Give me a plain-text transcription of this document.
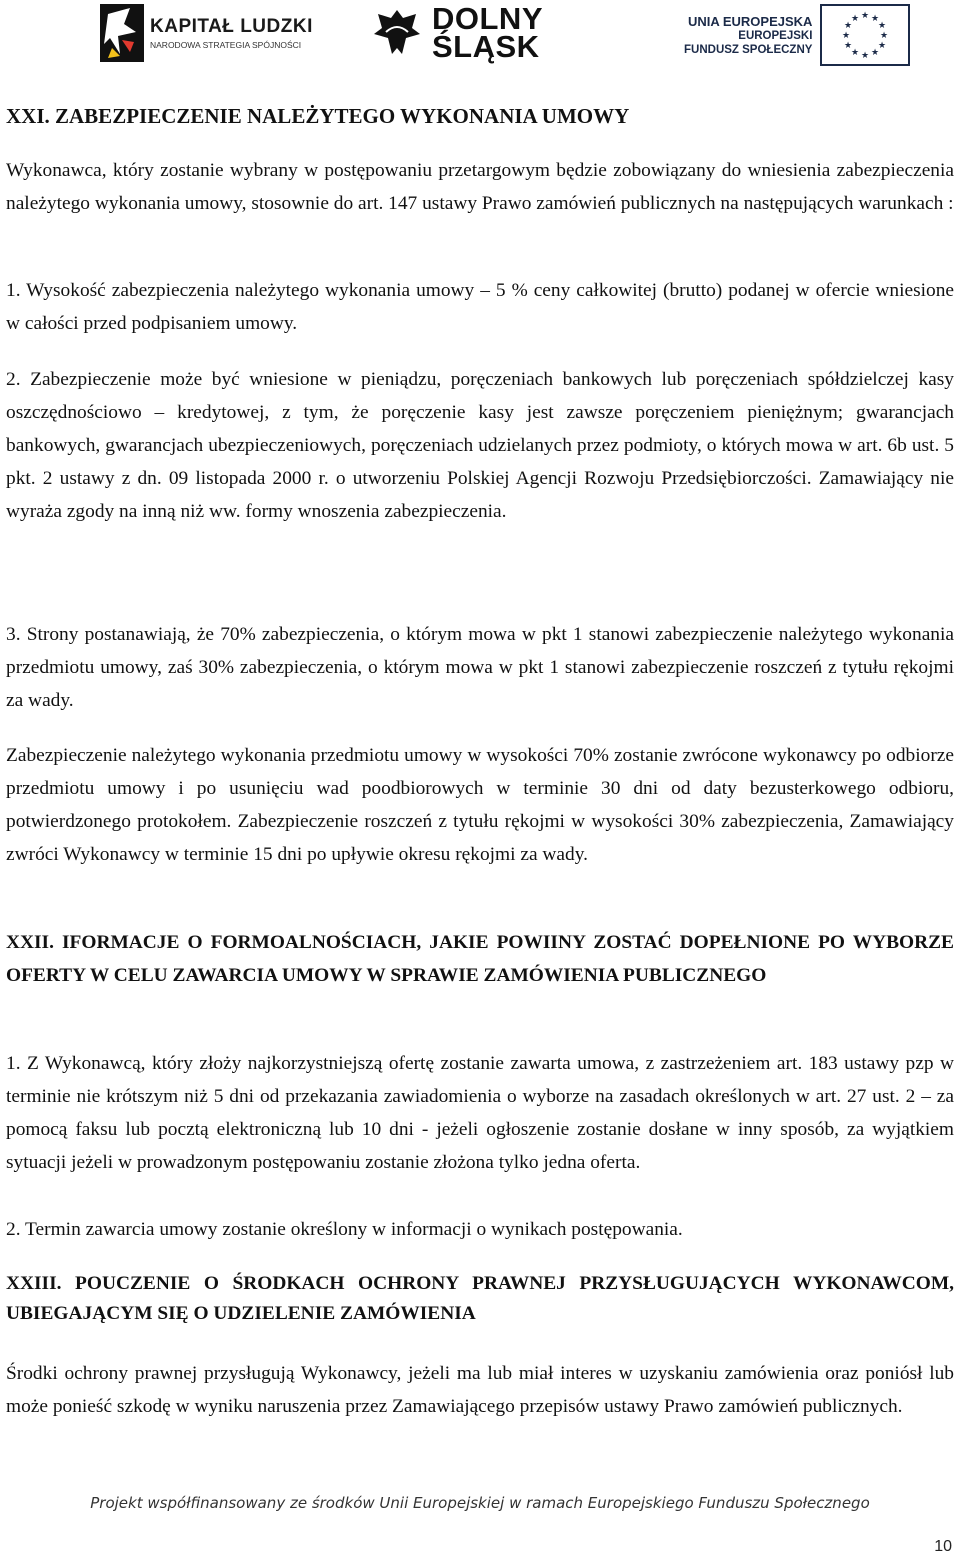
KAPITAŁ LUDZKI
NARODOWA STRATEGIA SPÓJNOŚCI
DOLNY
ŚLĄSK
UNIA EUROPEJSKA
EUROPEJSKI
FUNDUSZ SPOŁECZNY
★ ★
★
★
★
★
★
★
★
★
★
★
XXI. ZABEZPIECZENIE NALEŻYTEGO WYKONANIA UMOWY

Wykonawca, który zostanie wybrany w postępowaniu przetargowym będzie zobowiązany do wniesienia zabezpieczenia należytego wykonania umowy, stosownie do art. 147 ustawy Prawo zamówień publicznych na następujących warunkach :

1. Wysokość zabezpieczenia należytego wykonania umowy – 5 % ceny całkowitej (brutto) podanej w ofercie wniesione w całości przed podpisaniem umowy.

2. Zabezpieczenie może być wniesione w pieniądzu, poręczeniach bankowych lub poręczeniach spółdzielczej kasy oszczędnościowo – kredytowej, z tym, że poręczenie kasy jest zawsze poręczeniem pieniężnym; gwarancjach bankowych, gwarancjach ubezpieczeniowych, poręczeniach udzielanych przez podmioty, o których mowa w art. 6b ust. 5 pkt. 2 ustawy z dn. 09 listopada 2000 r. o utworzeniu Polskiej Agencji Rozwoju Przedsiębiorczości. Zamawiający nie wyraża zgody na inną niż ww. formy wnoszenia zabezpieczenia.

3. Strony postanawiają, że 70% zabezpieczenia, o którym mowa w pkt 1 stanowi zabezpieczenie należytego wykonania przedmiotu umowy, zaś 30% zabezpieczenia, o którym mowa w pkt 1 stanowi zabezpieczenie roszczeń z tytułu rękojmi za wady.

Zabezpieczenie należytego wykonania przedmiotu umowy w wysokości 70% zostanie zwrócone wykonawcy po odbiorze przedmiotu umowy i po usunięciu wad poodbiorowych w terminie 30 dni od daty bezusterkowego odbioru, potwierdzonego protokołem. Zabezpieczenie roszczeń z tytułu rękojmi w wysokości 30% zabezpieczenia, Zamawiający zwróci Wykonawcy w terminie 15 dni po upływie okresu rękojmi za wady.

XXII. IFORMACJE O FORMOALNOŚCIACH, JAKIE POWIINY ZOSTAĆ DOPEŁNIONE PO WYBORZE OFERTY W CELU ZAWARCIA UMOWY W SPRAWIE ZAMÓWIENIA PUBLICZNEGO

1. Z Wykonawcą, który złoży najkorzystniejszą ofertę zostanie zawarta umowa, z zastrzeżeniem art. 183 ustawy pzp w terminie nie krótszym niż 5 dni od przekazania zawiadomienia o wyborze na zasadach określonych w art. 27 ust. 2 – za pomocą faksu lub pocztą elektroniczną lub 10 dni - jeżeli ogłoszenie zostanie dosłane w inny sposób, za wyjątkiem sytuacji jeżeli w prowadzonym postępowaniu zostanie złożona tylko jedna oferta.

2. Termin zawarcia umowy zostanie określony w informacji o wynikach postępowania.

XXIII. POUCZENIE O ŚRODKACH OCHRONY PRAWNEJ PRZYSŁUGUJĄCYCH WYKONAWCOM, UBIEGAJĄCYM SIĘ O UDZIELENIE ZAMÓWIENIA

Środki ochrony prawnej przysługują Wykonawcy, jeżeli ma lub miał interes w uzyskaniu zamówienia oraz poniósł lub może ponieść szkodę w wyniku naruszenia przez Zamawiającego przepisów ustawy Prawo zamówień publicznych.

Projekt współfinansowany ze środków Unii Europejskiej w ramach Europejskiego Funduszu Społecznego
10
